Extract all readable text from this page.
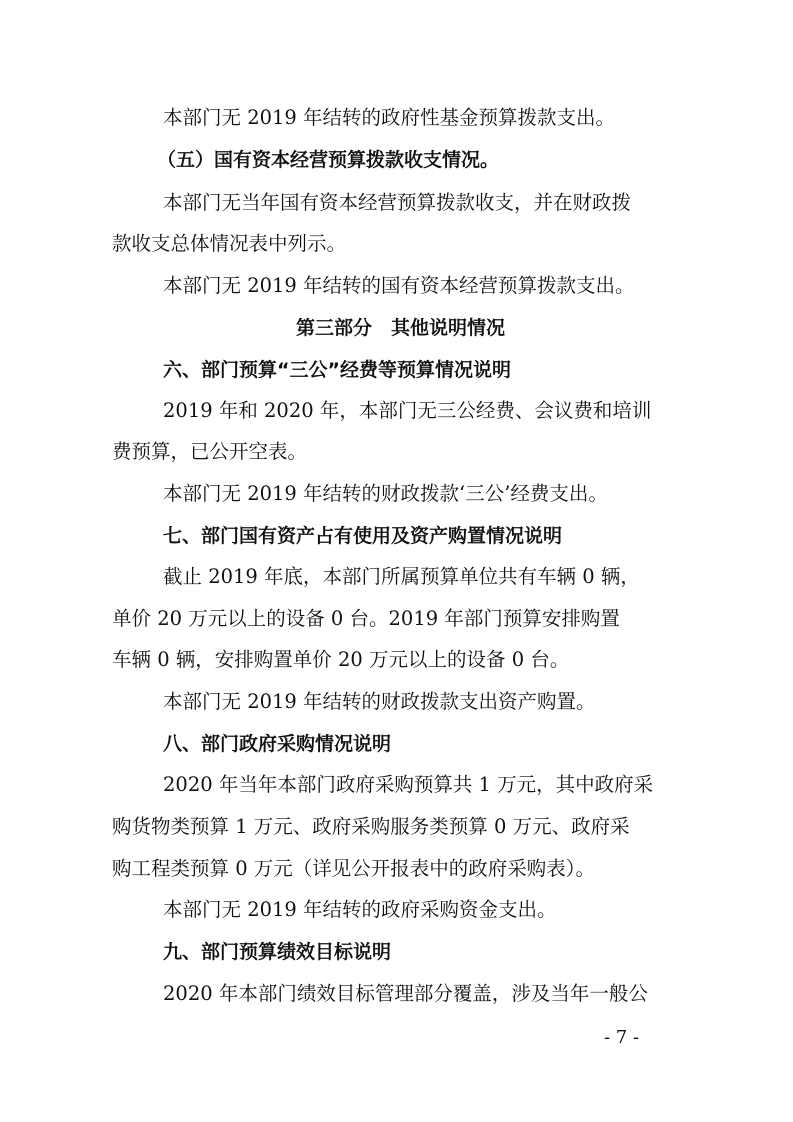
本部门无 2019 年结转的政府性基金预算拨款支出。
（五）国有资本经营预算拨款收支情况。
本部门无当年国有资本经营预算拨款收支，并在财政拨
款收支总体情况表中列示。
本部门无 2019 年结转的国有资本经营预算拨款支出。
第三部分　其他说明情况
六、部门预算“三公”经费等预算情况说明
2019 年和 2020 年，本部门无三公经费、会议费和培训
费预算，已公开空表。
本部门无 2019 年结转的财政拨款‘三公’经费支出。
七、部门国有资产占有使用及资产购置情况说明
截止 2019 年底，本部门所属预算单位共有车辆 0 辆，
单价 20 万元以上的设备 0 台。2019 年部门预算安排购置
车辆 0 辆，安排购置单价 20 万元以上的设备 0 台。
本部门无 2019 年结转的财政拨款支出资产购置。
八、部门政府采购情况说明
2020 年当年本部门政府采购预算共 1 万元，其中政府采
购货物类预算 1 万元、政府采购服务类预算 0 万元、政府采
购工程类预算 0 万元（详见公开报表中的政府采购表）。
本部门无 2019 年结转的政府采购资金支出。
九、部门预算绩效目标说明
2020 年本部门绩效目标管理部分覆盖，涉及当年一般公
- 7 -
